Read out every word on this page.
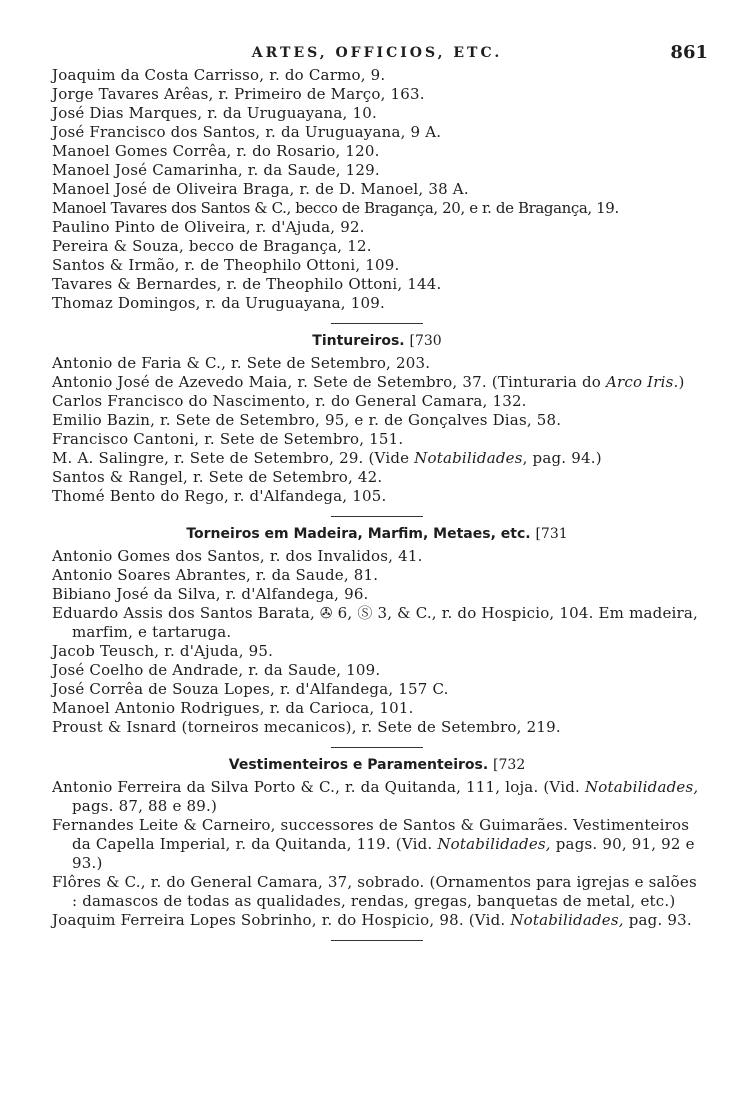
ARTES, OFFICIOS, ETC.	861
Joaquim da Costa Carrisso, r. do Carmo, 9.
Jorge Tavares Arêas, r. Primeiro de Março, 163.
José Dias Marques, r. da Uruguayana, 10.
José Francisco dos Santos, r. da Uruguayana, 9 A.
Manoel Gomes Corrêa, r. do Rosario, 120.
Manoel José Camarinha, r. da Saude, 129.
Manoel José de Oliveira Braga, r. de D. Manoel, 38 A.
Manoel Tavares dos Santos & C., becco de Bragança, 20, e r. de Bragança, 19.
Paulino Pinto de Oliveira, r. d'Ajuda, 92.
Pereira & Souza, becco de Bragança, 12.
Santos & Irmão, r. de Theophilo Ottoni, 109.
Tavares & Bernardes, r. de Theophilo Ottoni, 144.
Thomaz Domingos, r. da Uruguayana, 109.
Tintureiros. [730
Antonio de Faria & C., r. Sete de Setembro, 203.
Antonio José de Azevedo Maia, r. Sete de Setembro, 37. (Tinturaria do Arco Iris.)
Carlos Francisco do Nascimento, r. do General Camara, 132.
Emilio Bazin, r. Sete de Setembro, 95, e r. de Gonçalves Dias, 58.
Francisco Cantoni, r. Sete de Setembro, 151.
M. A. Salingre, r. Sete de Setembro, 29. (Vide Notabilidades, pag. 94.)
Santos & Rangel, r. Sete de Setembro, 42.
Thomé Bento do Rego, r. d'Alfandega, 105.
Torneiros em Madeira, Marfim, Metaes, etc. [731
Antonio Gomes dos Santos, r. dos Invalidos, 41.
Antonio Soares Abrantes, r. da Saude, 81.
Bibiano José da Silva, r. d'Alfandega, 96.
Eduardo Assis dos Santos Barata, ✇ 6, Ⓢ 3, & C., r. do Hospicio, 104. Em madeira, marfim, e tartaruga.
Jacob Teusch, r. d'Ajuda, 95.
José Coelho de Andrade, r. da Saude, 109.
José Corrêa de Souza Lopes, r. d'Alfandega, 157 C.
Manoel Antonio Rodrigues, r. da Carioca, 101.
Proust & Isnard (torneiros mecanicos), r. Sete de Setembro, 219.
Vestimenteiros e Paramenteiros. [732
Antonio Ferreira da Silva Porto & C., r. da Quitanda, 111, loja. (Vid. Notabilidades, pags. 87, 88 e 89.)
Fernandes Leite & Carneiro, successores de Santos & Guimarães. Vestimenteiros da Capella Imperial, r. da Quitanda, 119. (Vid. Notabilidades, pags. 90, 91, 92 e 93.)
Flôres & C., r. do General Camara, 37, sobrado. (Ornamentos para igrejas e salões : damascos de todas as qualidades, rendas, gregas, banquetas de metal, etc.)
Joaquim Ferreira Lopes Sobrinho, r. do Hospicio, 98. (Vid. Notabilidades, pag. 93.
